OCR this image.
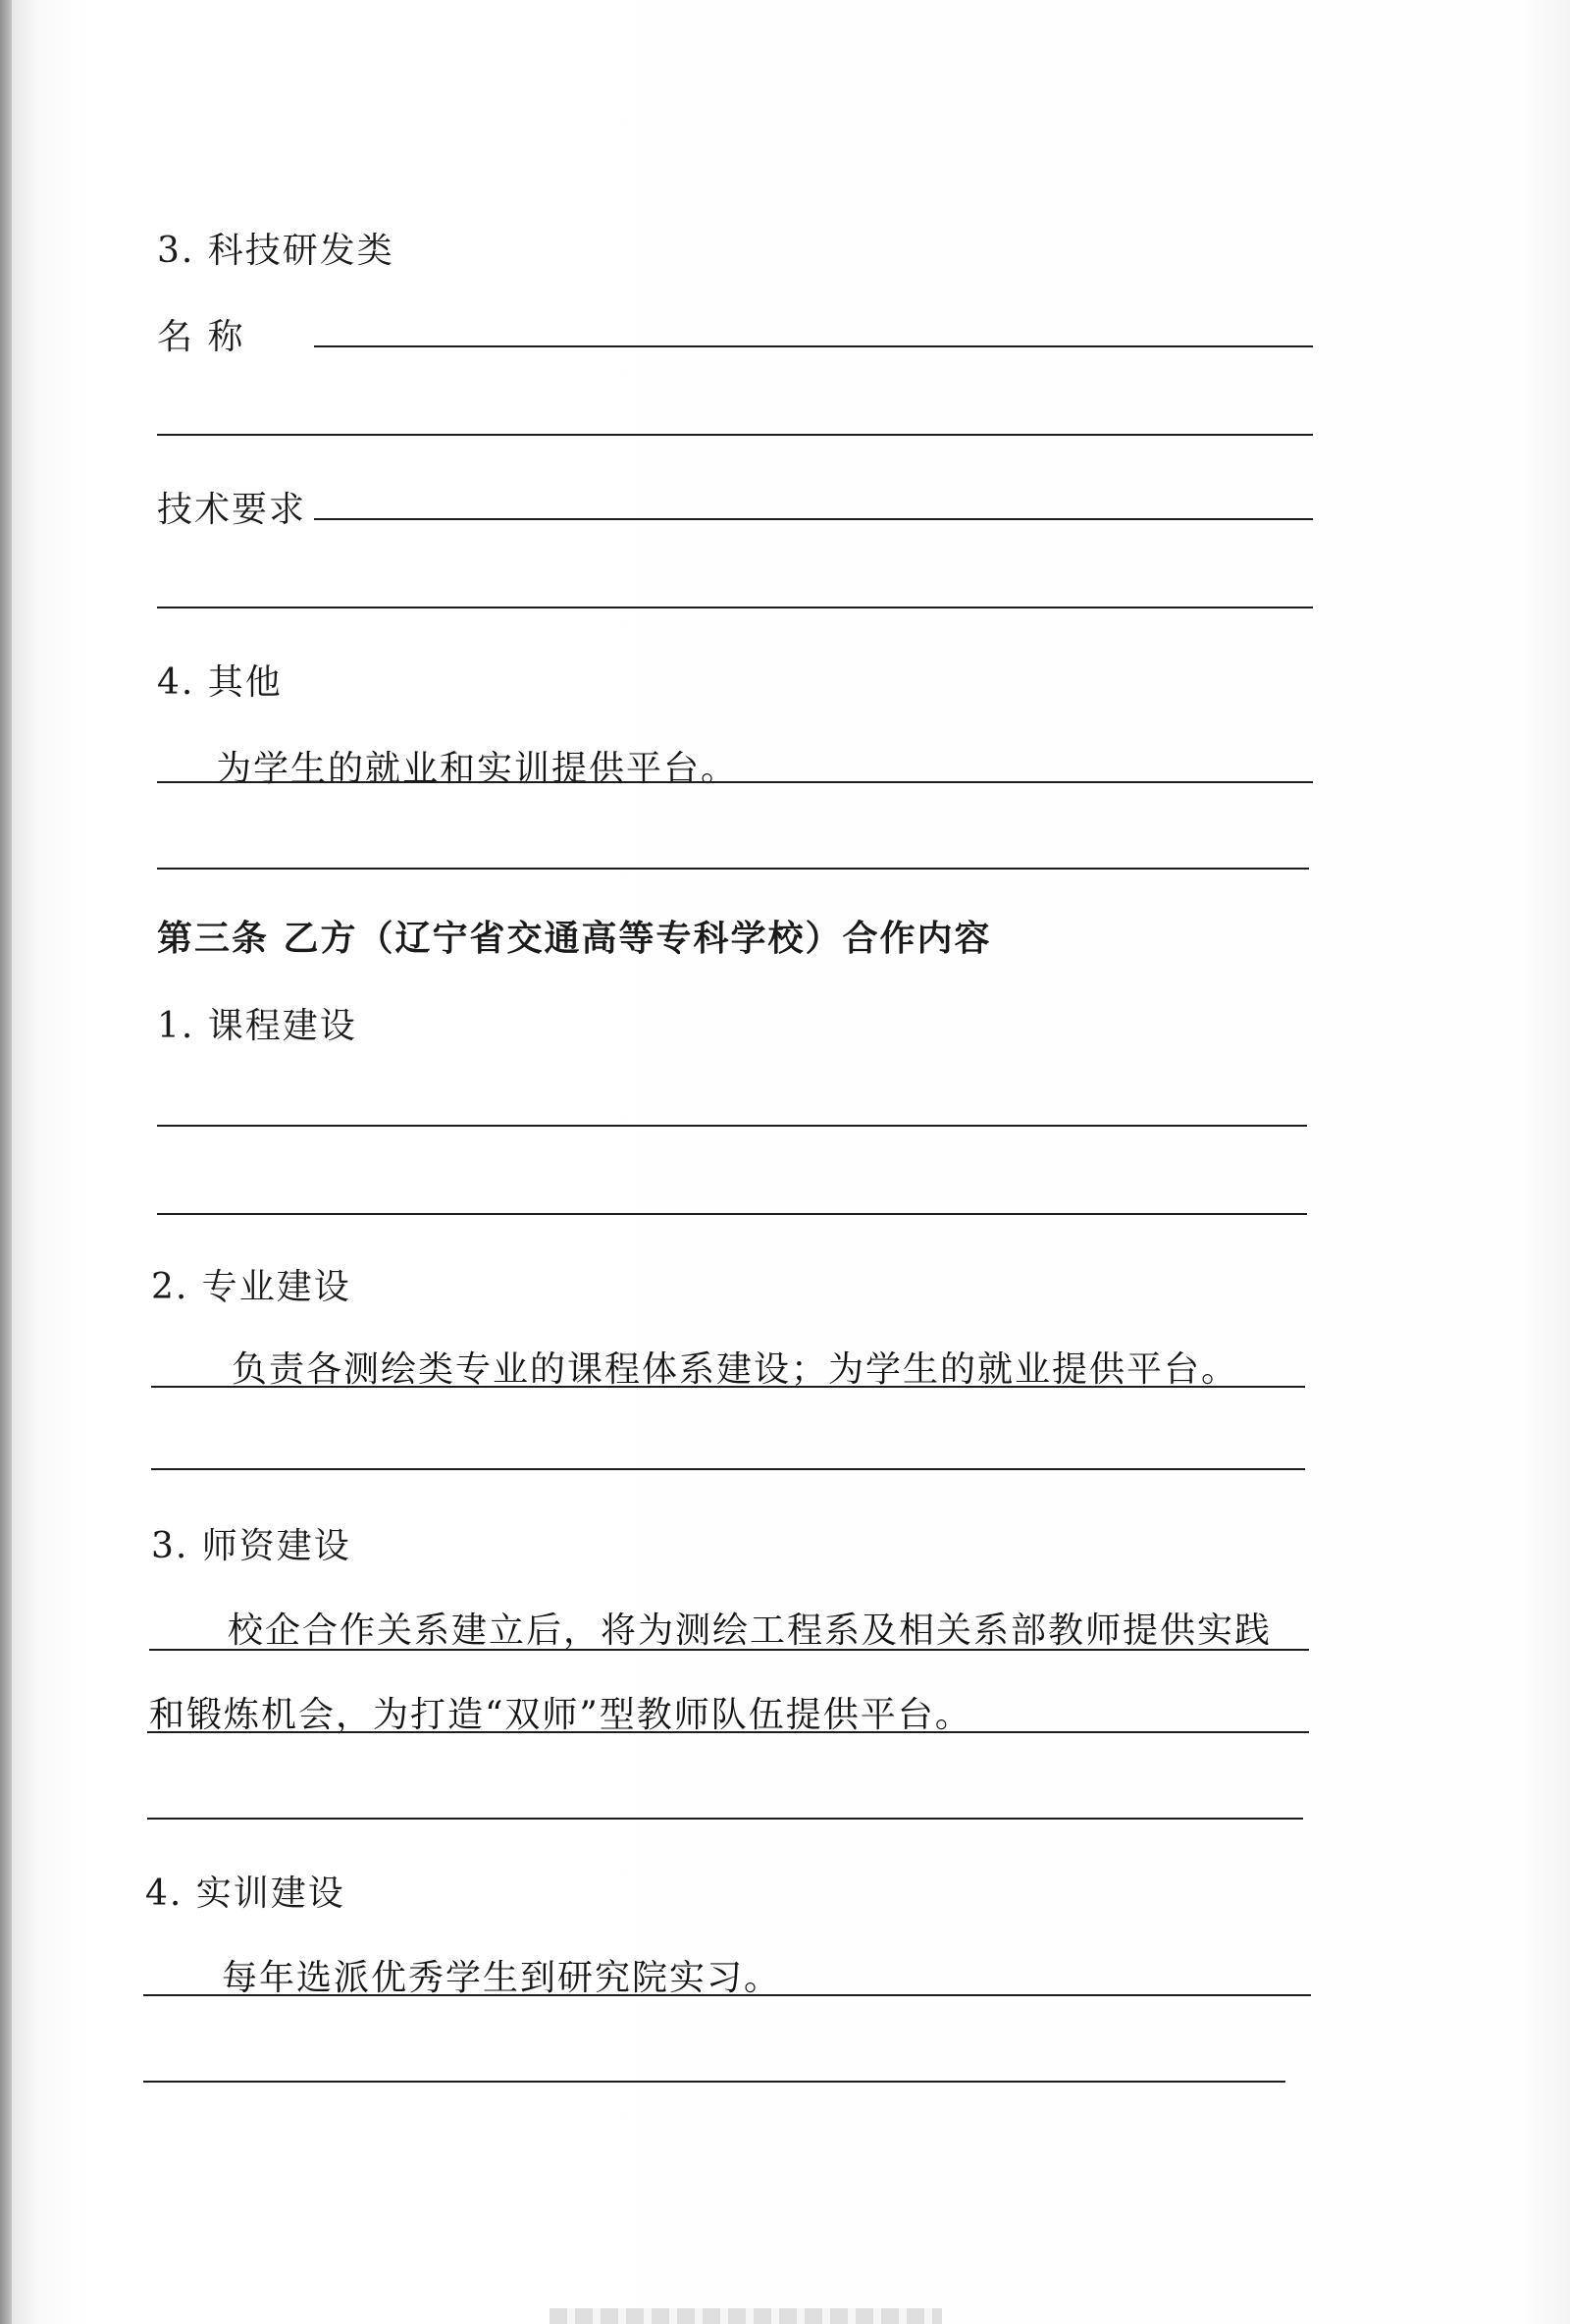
3. 科技研发类
名 称
技术要求
4. 其他
为学生的就业和实训提供平台。
第三条 乙方（辽宁省交通高等专科学校）合作内容
1. 课程建设
2. 专业建设
负责各测绘类专业的课程体系建设；为学生的就业提供平台。
3. 师资建设
校企合作关系建立后，将为测绘工程系及相关系部教师提供实践
和锻炼机会，为打造“双师”型教师队伍提供平台。
4. 实训建设
每年选派优秀学生到研究院实习。
